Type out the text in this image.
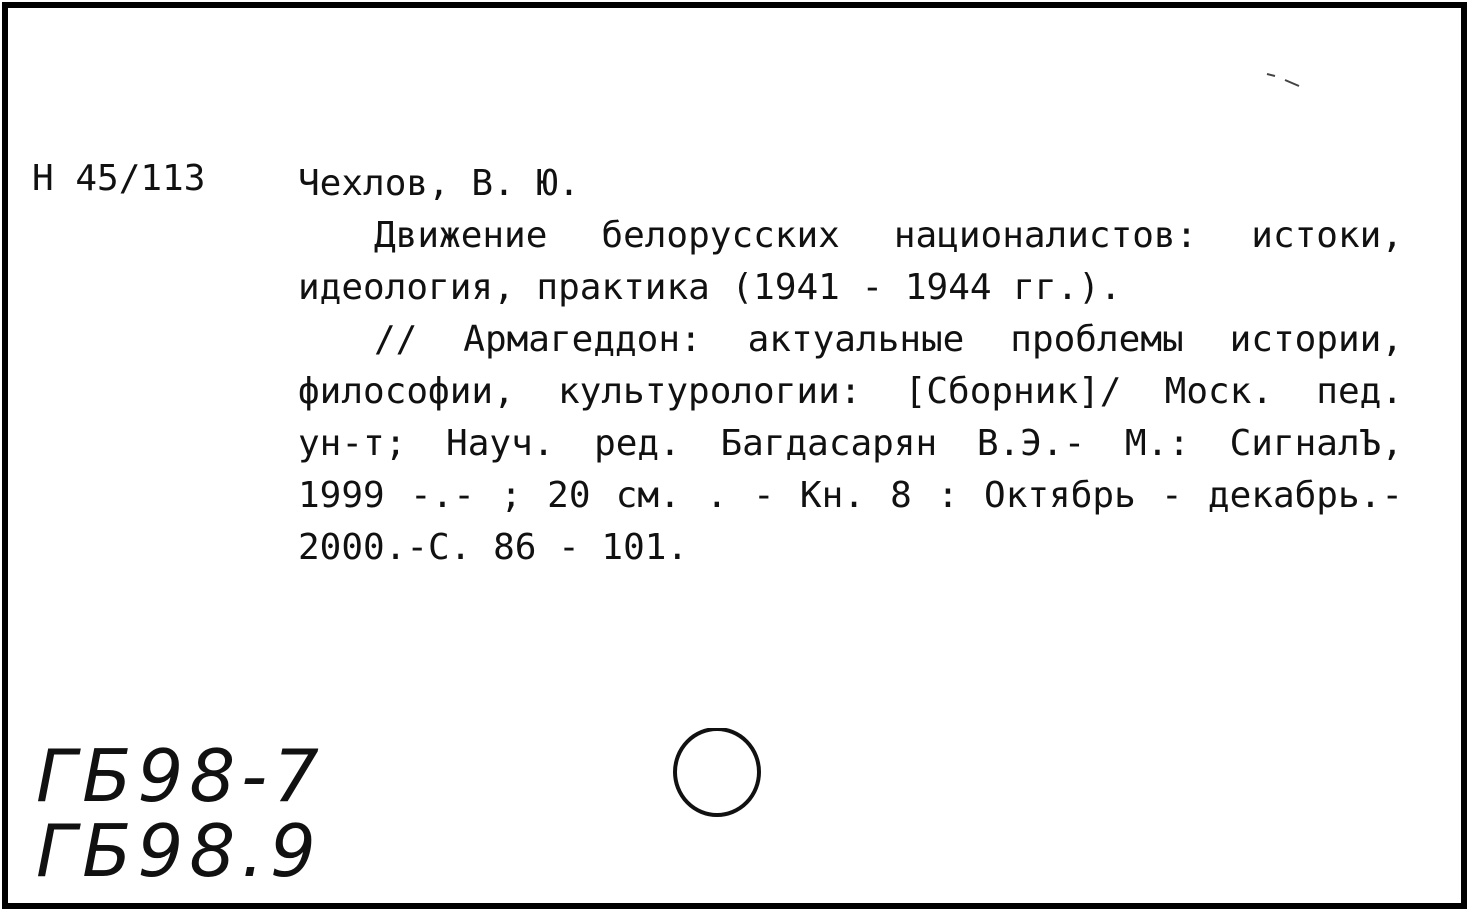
Н 45/113	Чехлов, В. Ю.

Движение белорусских националистов: истоки, идеология, практика (1941 - 1944 гг.).

// Армагеддон: актуальные проблемы истории, философии, культурологии: [Сборник]/ Моск. пед. ун-т; Науч. ред. Багдасарян В.Э.- М.: СигналЪ, 1999 -.- ; 20 см. . - Кн. 8 : Октябрь - декабрь.- 2000.-С. 86 - 101.

ГБ98-7
ГБ98.9
